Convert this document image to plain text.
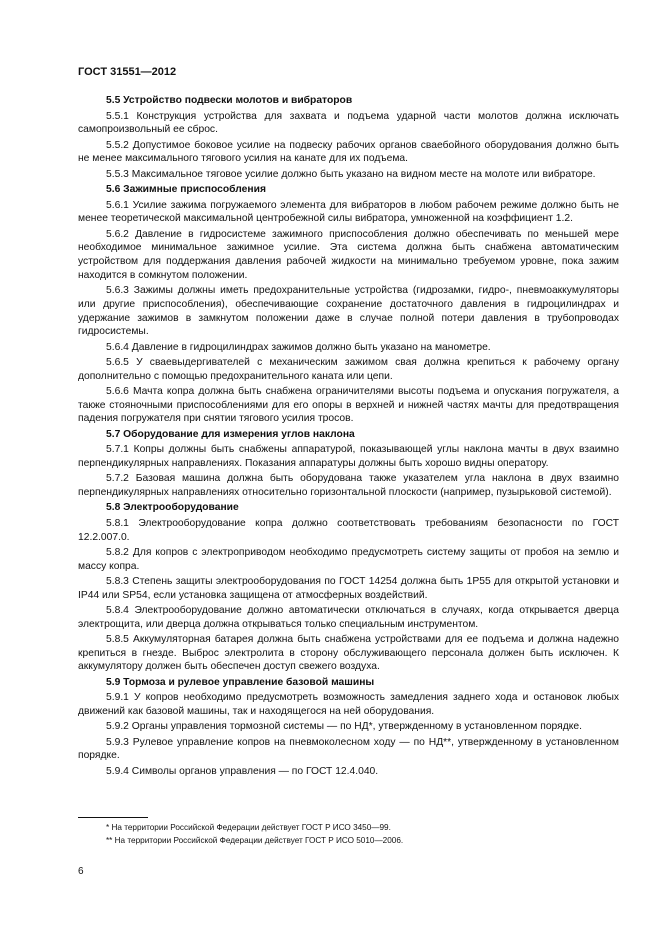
ГОСТ 31551—2012
5.5 Устройство подвески молотов и вибраторов

5.5.1 Конструкция устройства для захвата и подъема ударной части молотов должна исключать самопроизвольный ее сброс.

5.5.2 Допустимое боковое усилие на подвеску рабочих органов сваебойного оборудования должно быть не менее максимального тягового усилия на канате для их подъема.

5.5.3 Максимальное тяговое усилие должно быть указано на видном месте на молоте или вибраторе.

5.6 Зажимные приспособления

5.6.1 Усилие зажима погружаемого элемента для вибраторов в любом рабочем режиме должно быть не менее теоретической максимальной центробежной силы вибратора, умноженной на коэффициент 1.2.

5.6.2 Давление в гидросистеме зажимного приспособления должно обеспечивать по меньшей мере необходимое минимальное зажимное усилие. Эта система должна быть снабжена автоматическим устройством для поддержания давления рабочей жидкости на минимально требуемом уровне, пока зажим находится в сомкнутом положении.

5.6.3 Зажимы должны иметь предохранительные устройства (гидрозамки, гидро-, пневмоаккумуляторы или другие приспособления), обеспечивающие сохранение достаточного давления в гидроцилиндрах и удержание зажимов в замкнутом положении даже в случае полной потери давления в трубопроводах гидросистемы.

5.6.4 Давление в гидроцилиндрах зажимов должно быть указано на манометре.

5.6.5 У сваевыдергивателей с механическим зажимом свая должна крепиться к рабочему органу дополнительно с помощью предохранительного каната или цепи.

5.6.6 Мачта копра должна быть снабжена ограничителями высоты подъема и опускания погружателя, а также стояночными приспособлениями для его опоры в верхней и нижней частях мачты для предотвращения падения погружателя при снятии тягового усилия тросов.

5.7 Оборудование для измерения углов наклона

5.7.1 Копры должны быть снабжены аппаратурой, показывающей углы наклона мачты в двух взаимно перпендикулярных направлениях. Показания аппаратуры должны быть хорошо видны оператору.

5.7.2 Базовая машина должна быть оборудована также указателем угла наклона в двух взаимно перпендикулярных направлениях относительно горизонтальной плоскости (например, пузырьковой системой).

5.8 Электрооборудование

5.8.1 Электрооборудование копра должно соответствовать требованиям безопасности по ГОСТ 12.2.007.0.

5.8.2 Для копров с электроприводом необходимо предусмотреть систему защиты от пробоя на землю и массу копра.

5.8.3 Степень защиты электрооборудования по ГОСТ 14254 должна быть 1P55 для открытой установки и IP44 или SP54, если установка защищена от атмосферных воздействий.

5.8.4 Электрооборудование должно автоматически отключаться в случаях, когда открывается дверца электрощита, или дверца должна открываться только специальным инструментом.

5.8.5 Аккумуляторная батарея должна быть снабжена устройствами для ее подъема и должна надежно крепиться в гнезде. Выброс электролита в сторону обслуживающего персонала должен быть исключен. К аккумулятору должен быть обеспечен доступ свежего воздуха.

5.9 Тормоза и рулевое управление базовой машины

5.9.1 У копров необходимо предусмотреть возможность замедления заднего хода и остановок любых движений как базовой машины, так и находящегося на ней оборудования.

5.9.2 Органы управления тормозной системы — по НД*, утвержденному в установленном порядке.

5.9.3 Рулевое управление копров на пневмоколесном ходу — по НД**, утвержденному в установленном порядке.

5.9.4 Символы органов управления — по ГОСТ 12.4.040.

* На территории Российской Федерации действует ГОСТ Р ИСО 3450—99.
** На территории Российской Федерации действует ГОСТ Р ИСО 5010—2006.
6
